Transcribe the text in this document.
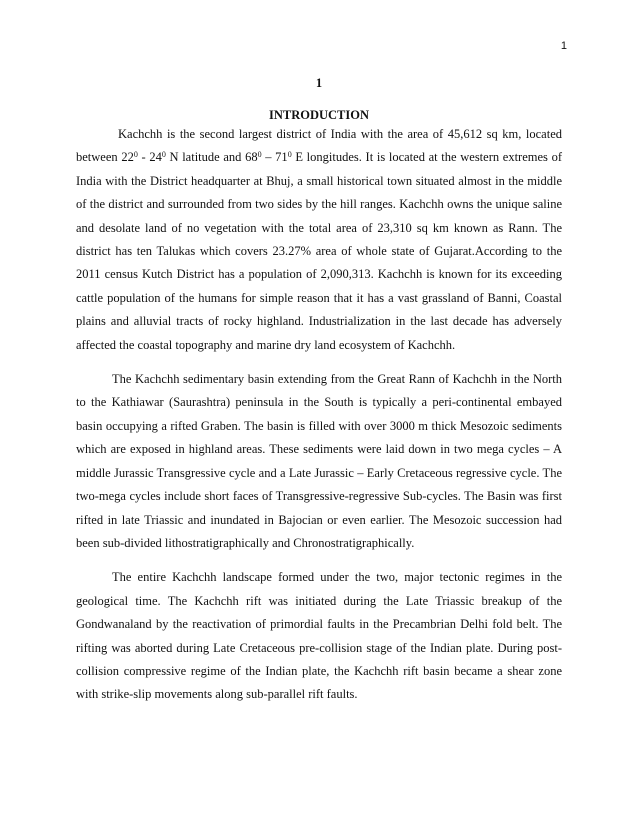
1
1
INTRODUCTION

Kachchh is the second largest district of India with the area of 45,612 sq km, located between $22^0 - 24^0$ N latitude and $68^0 - 71^0$ E longitudes. It is located at the western extremes of India with the District headquarter at Bhuj, a small historical town situated almost in the middle of the district and surrounded from two sides by the hill ranges. Kachchh owns the unique saline and desolate land of no vegetation with the total area of 23,310 sq km known as Rann. The district has ten Talukas which covers 23.27% area of whole state of Gujarat.According to the 2011 census Kutch District has a population of 2,090,313. Kachchh is known for its exceeding cattle population of the humans for simple reason that it has a vast grassland of Banni, Coastal plains and alluvial tracts of rocky highland. Industrialization in the last decade has adversely affected the coastal topography and marine dry land ecosystem of Kachchh.

The Kachchh sedimentary basin extending from the Great Rann of Kachchh in the North to the Kathiawar (Saurashtra) peninsula in the South is typically a peri-continental embayed basin occupying a rifted Graben. The basin is filled with over 3000 m thick Mesozoic sediments which are exposed in highland areas. These sediments were laid down in two mega cycles – A middle Jurassic Transgressive cycle and a Late Jurassic – Early Cretaceous regressive cycle. The two-mega cycles include short faces of Transgressive-regressive Sub-cycles. The Basin was first rifted in late Triassic and inundated in Bajocian or even earlier. The Mesozoic succession had been sub-divided lithostratigraphically and Chronostratigraphically.

The entire Kachchh landscape formed under the two, major tectonic regimes in the geological time. The Kachchh rift was initiated during the Late Triassic breakup of the Gondwanaland by the reactivation of primordial faults in the Precambrian Delhi fold belt. The rifting was aborted during Late Cretaceous pre-collision stage of the Indian plate. During post-collision compressive regime of the Indian plate, the Kachchh rift basin became a shear zone with strike-slip movements along sub-parallel rift faults.
